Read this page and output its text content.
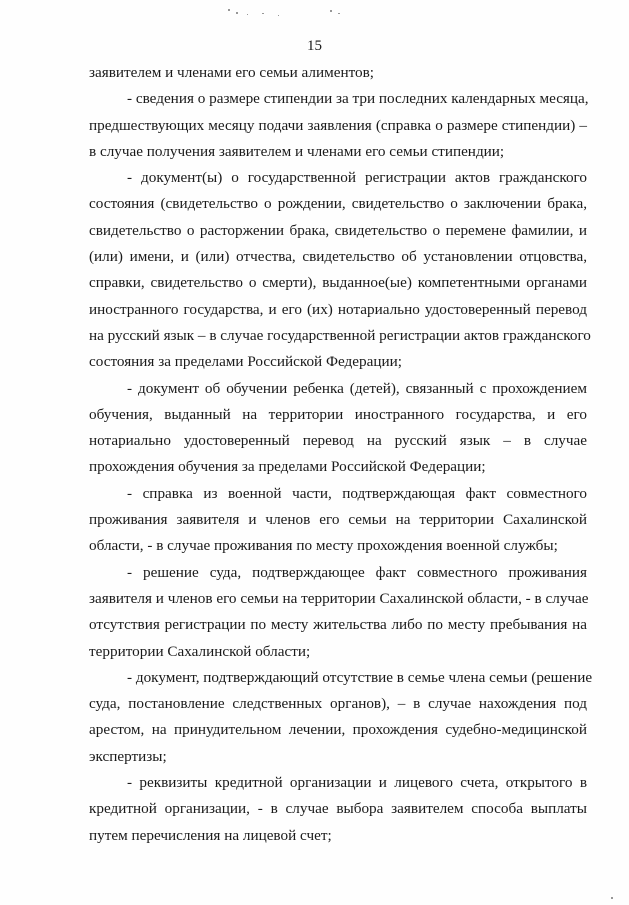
15

заявителем и членами его семьи алиментов;

- сведения о размере стипендии за три последних календарных месяца,
предшествующих месяцу подачи заявления (справка о размере стипендии) –
в случае получения заявителем и членами его семьи стипендии;

- документ(ы) о государственной регистрации актов гражданского
состояния (свидетельство о рождении, свидетельство о заключении брака,
свидетельство о расторжении брака, свидетельство о перемене фамилии, и
(или) имени, и (или) отчества, свидетельство об установлении отцовства,
справки, свидетельство о смерти), выданное(ые) компетентными органами
иностранного государства, и его (их) нотариально удостоверенный перевод
на русский язык – в случае государственной регистрации актов гражданского
состояния за пределами Российской Федерации;

- документ об обучении ребенка (детей), связанный с прохождением
обучения, выданный на территории иностранного государства, и его
нотариально удостоверенный перевод на русский язык – в случае
прохождения обучения за пределами Российской Федерации;

- справка из военной части, подтверждающая факт совместного
проживания заявителя и членов его семьи на территории Сахалинской
области, - в случае проживания по месту прохождения военной службы;

- решение суда, подтверждающее факт совместного проживания
заявителя и членов его семьи на территории Сахалинской области, - в случае
отсутствия регистрации по месту жительства либо по месту пребывания на
территории Сахалинской области;

- документ, подтверждающий отсутствие в семье члена семьи (решение
суда, постановление следственных органов), – в случае нахождения под
арестом, на принудительном лечении, прохождения судебно-медицинской
экспертизы;

- реквизиты кредитной организации и лицевого счета, открытого в
кредитной организации, - в случае выбора заявителем способа выплаты
путем перечисления на лицевой счет;
